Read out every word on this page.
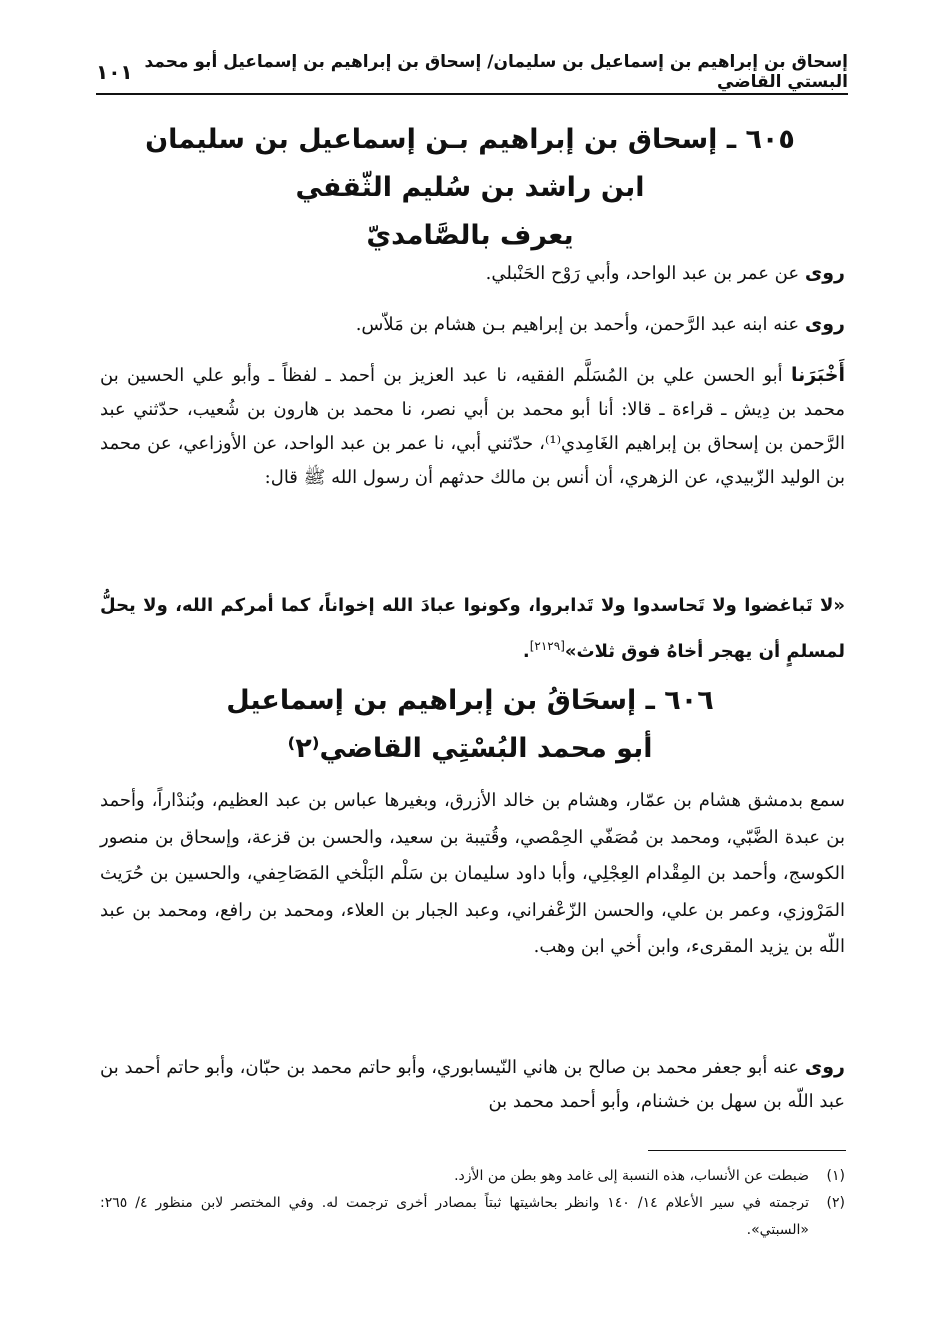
إسحاق بن إبراهيم بن إسماعيل بن سليمان/ إسحاق بن إبراهيم بن إسماعيل أبو محمد البستي القاضي
١٠١
٦٠٥ ـ إسحاق بن إبراهيم بـن إسماعيل بن سليمان
ابن راشد بن سُليم الثّقفي
يعرف بالصَّامديّ
روى عن عمر بن عبد الواحد، وأبي رَوْح الحَنْبلي.
روى عنه ابنه عبد الرَّحمن، وأحمد بن إبراهيم بـن هشام بن مَلاّس.
أَخْبَرَنا أبو الحسن علي بن المُسَلَّم الفقيه، نا عبد العزيز بن أحمد ـ لفظاً ـ وأبو علي الحسين بن محمد بن دِيش ـ قراءة ـ قالا: أنا أبو محمد بن أبي نصر، نا محمد بن هارون بن شُعيب، حدّثني عبد الرَّحمن بن إسحاق بن إبراهيم الغَامِدي⁽¹⁾، حدّثني أبي، نا عمر بن عبد الواحد، عن الأوزاعي، عن محمد بن الوليد الزّبيدي، عن الزهري، أن أنس بن مالك حدثهم أن رسول الله ﷺ قال:
«لا تَباغضوا ولا تَحاسدوا ولا تَدابروا، وكونوا عبادَ الله إخواناً، كما أمركم الله، ولا يحلُّ لمسلمٍ أن يهجر أخاهُ فوق ثلاث»[٢١٢٩].
٦٠٦ ـ إسحَاقُ بن إبراهيم بن إسماعيل
أبو محمد البُسْتِي القاضي⁽٢⁾
سمع بدمشق هشام بن عمّار، وهشام بن خالد الأزرق، وبغيرها عباس بن عبد العظيم، وبُندْاراً، وأحمد بن عبدة الضَّبّي، ومحمد بن مُصَفّي الحِمْصي، وقُتيبة بن سعيد، والحسن بن قزعة، وإسحاق بن منصور الكوسج، وأحمد بن المِقْدام العِجْلِي، وأبا داود سليمان بن سَلْم البَلْخي المَصَاحِفي، والحسين بن حُرَيث المَرْوزي، وعمر بن علي، والحسن الزّعْفراني، وعبد الجبار بن العلاء، ومحمد بن رافع، ومحمد بن عبد اللّه بن يزيد المقرىء، وابن أخي ابن وهب.
روى عنه أبو جعفر محمد بن صالح بن هاني النّيسابوري، وأبو حاتم محمد بن حبّان، وأبو حاتم أحمد بن عبد اللّه بن سهل بن خشنام، وأبو أحمد محمد بن
(١)
ضبطت عن الأنساب، هذه النسبة إلى غامد وهو بطن من الأزد.
(٢)
ترجمته في سير الأعلام ١٤/ ١٤٠ وانظر بحاشيتها ثبتاً بمصادر أخرى ترجمت له. وفي المختصر لابن منظور ٤/ ٢٦٥: «السبتي».
